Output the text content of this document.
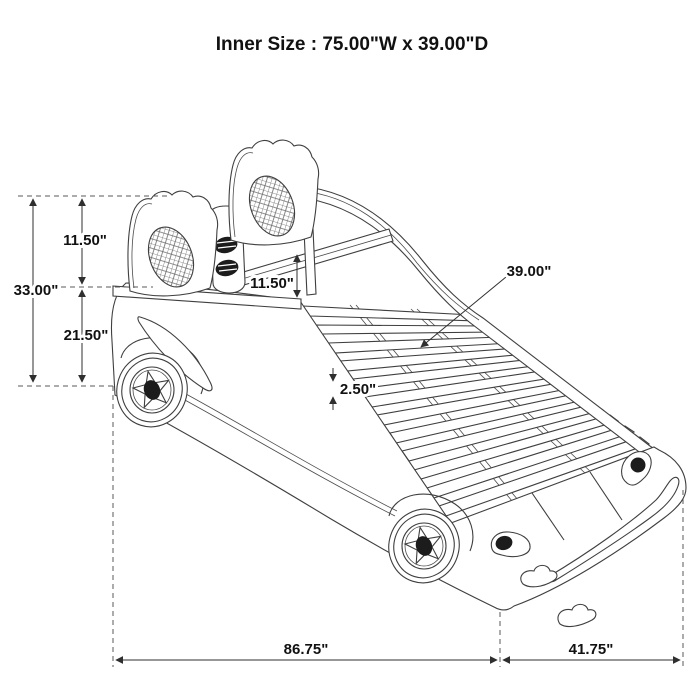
Inner Size : 75.00"W x 39.00"D
33.00"
11.50"
21.50"
11.50"
39.00"
2.50"
86.75"	41.75"
